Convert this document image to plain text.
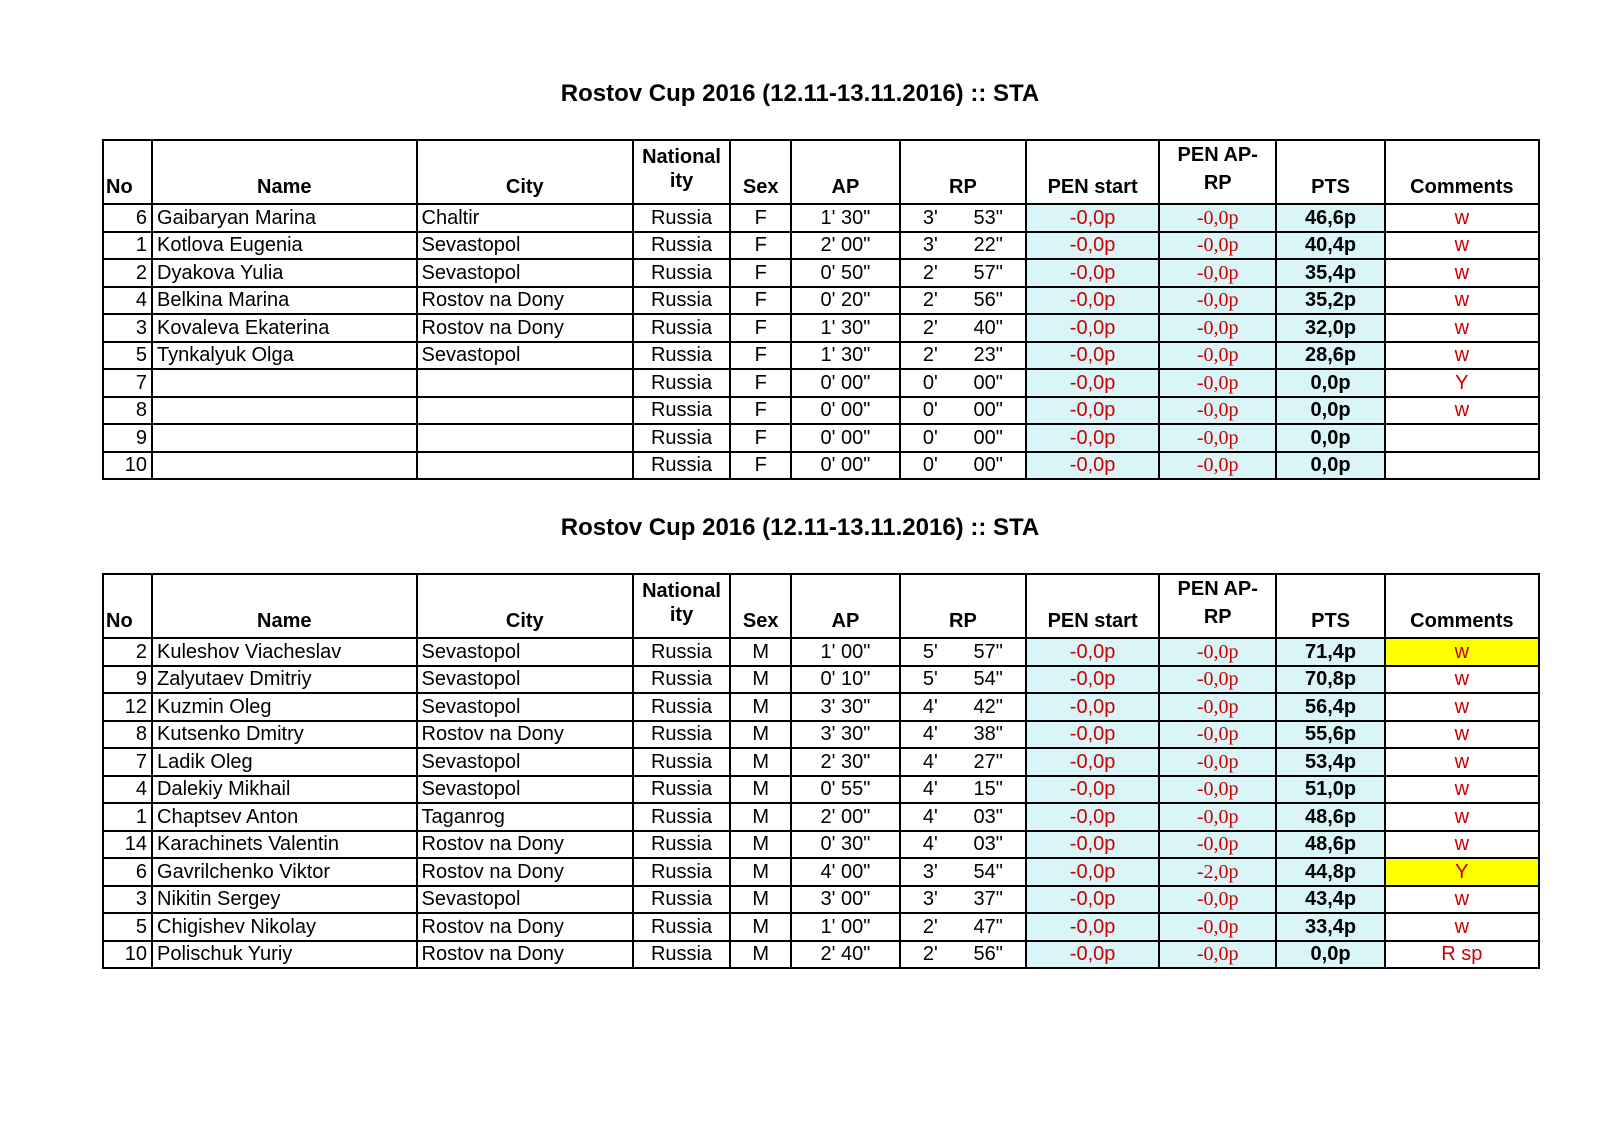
Rostov Cup 2016 (12.11-13.11.2016) :: STA
No	Name	City	National
ity	Sex	AP	RP	PEN start	PEN AP-
RP	PTS	Comments
6	Gaibaryan Marina	Chaltir	Russia	F	1' 30"	3' 53"	-0,0p	-0,0p	46,6p	w
1	Kotlova Eugenia	Sevastopol	Russia	F	2' 00"	3' 22"	-0,0p	-0,0p	40,4p	w
2	Dyakova Yulia	Sevastopol	Russia	F	0' 50"	2' 57"	-0,0p	-0,0p	35,4p	w
4	Belkina Marina	Rostov na Dony	Russia	F	0' 20"	2' 56"	-0,0p	-0,0p	35,2p	w
3	Kovaleva Ekaterina	Rostov na Dony	Russia	F	1' 30"	2' 40"	-0,0p	-0,0p	32,0p	w
5	Tynkalyuk Olga	Sevastopol	Russia	F	1' 30"	2' 23"	-0,0p	-0,0p	28,6p	w
7			Russia	F	0' 00"	0' 00"	-0,0p	-0,0p	0,0p	Y
8			Russia	F	0' 00"	0' 00"	-0,0p	-0,0p	0,0p	w
9			Russia	F	0' 00"	0' 00"	-0,0p	-0,0p	0,0p	
10			Russia	F	0' 00"	0' 00"	-0,0p	-0,0p	0,0p	
Rostov Cup 2016 (12.11-13.11.2016) :: STA
No	Name	City	National
ity	Sex	AP	RP	PEN start	PEN AP-
RP	PTS	Comments
2	Kuleshov Viacheslav	Sevastopol	Russia	M	1' 00"	5' 57"	-0,0p	-0,0p	71,4p	w
9	Zalyutaev Dmitriy	Sevastopol	Russia	M	0' 10"	5' 54"	-0,0p	-0,0p	70,8p	w
12	Kuzmin Oleg	Sevastopol	Russia	M	3' 30"	4' 42"	-0,0p	-0,0p	56,4p	w
8	Kutsenko Dmitry	Rostov na Dony	Russia	M	3' 30"	4' 38"	-0,0p	-0,0p	55,6p	w
7	Ladik Oleg	Sevastopol	Russia	M	2' 30"	4' 27"	-0,0p	-0,0p	53,4p	w
4	Dalekiy Mikhail	Sevastopol	Russia	M	0' 55"	4' 15"	-0,0p	-0,0p	51,0p	w
1	Chaptsev Anton	Taganrog	Russia	M	2' 00"	4' 03"	-0,0p	-0,0p	48,6p	w
14	Karachinets Valentin	Rostov na Dony	Russia	M	0' 30"	4' 03"	-0,0p	-0,0p	48,6p	w
6	Gavrilchenko Viktor	Rostov na Dony	Russia	M	4' 00"	3' 54"	-0,0p	-2,0p	44,8p	Y
3	Nikitin Sergey	Sevastopol	Russia	M	3' 00"	3' 37"	-0,0p	-0,0p	43,4p	w
5	Chigishev Nikolay	Rostov na Dony	Russia	M	1' 00"	2' 47"	-0,0p	-0,0p	33,4p	w
10	Polischuk Yuriy	Rostov na Dony	Russia	M	2' 40"	2' 56"	-0,0p	-0,0p	0,0p	R sp
